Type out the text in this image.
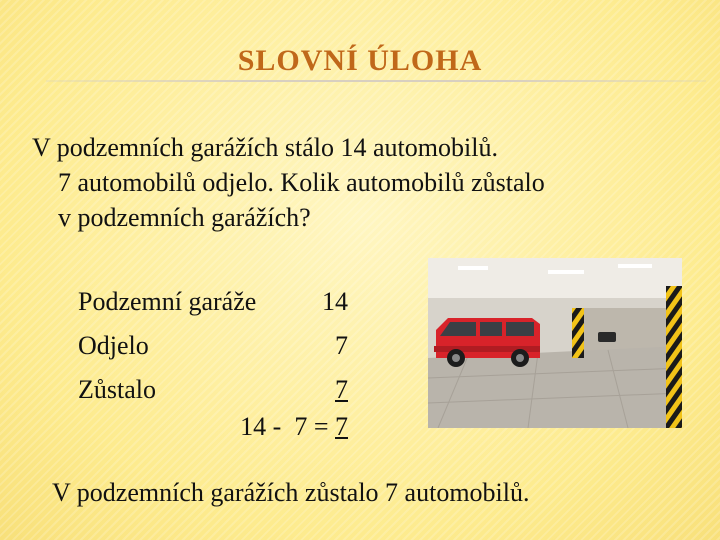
SLOVNÍ ÚLOHA
V podzemních garážích stálo 14 automobilů.
7 automobilů odjelo. Kolik automobilů zůstalo
v podzemních garážích?
Podzemní garáže	14
Odjelo	7
Zůstalo	7
14 -  7 = 7
V podzemních garážích zůstalo 7 automobilů.
